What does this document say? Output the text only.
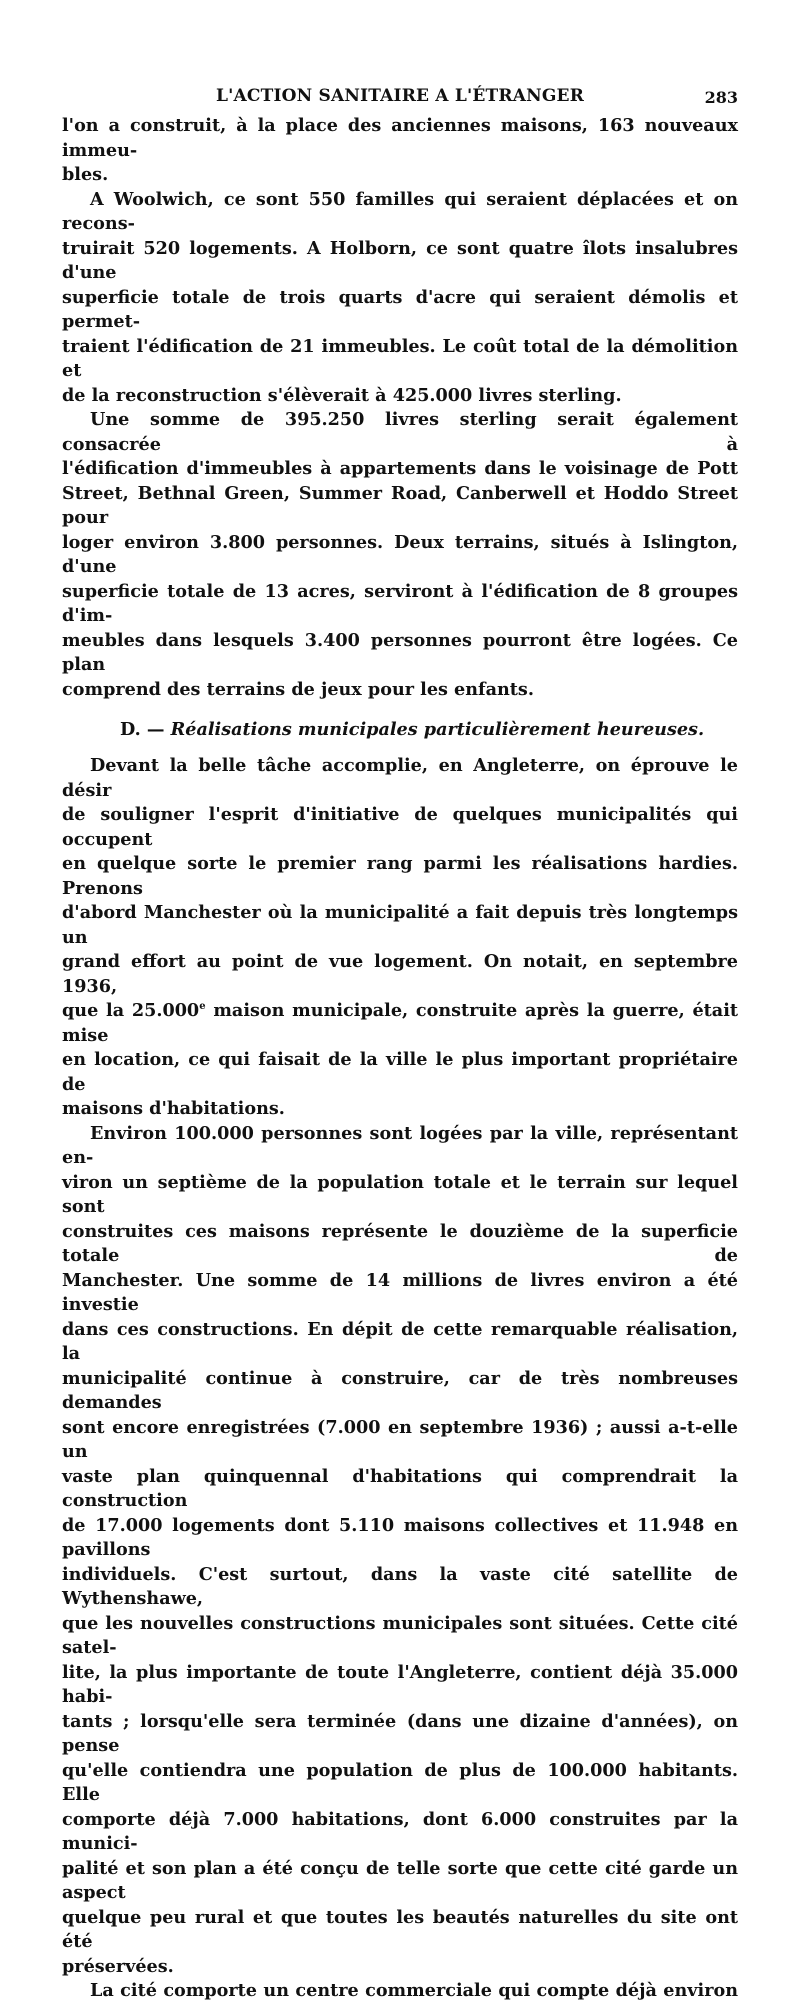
L'ACTION SANITAIRE A L'ÉTRANGER	283

l'on a construit, à la place des anciennes maisons, 163 nouveaux immeu-
bles.

A Woolwich, ce sont 550 familles qui seraient déplacées et on recons-
truirait 520 logements. A Holborn, ce sont quatre îlots insalubres d'une
superficie totale de trois quarts d'acre qui seraient démolis et permet-
traient l'édification de 21 immeubles. Le coût total de la démolition et
de la reconstruction s'élèverait à 425.000 livres sterling.

Une somme de 395.250 livres sterling serait également consacrée à
l'édification d'immeubles à appartements dans le voisinage de Pott
Street, Bethnal Green, Summer Road, Canberwell et Hoddo Street pour
loger environ 3.800 personnes. Deux terrains, situés à Islington, d'une
superficie totale de 13 acres, serviront à l'édification de 8 groupes d'im-
meubles dans lesquels 3.400 personnes pourront être logées. Ce plan
comprend des terrains de jeux pour les enfants.

D. — Réalisations municipales particulièrement heureuses.

Devant la belle tâche accomplie, en Angleterre, on éprouve le désir
de souligner l'esprit d'initiative de quelques municipalités qui occupent
en quelque sorte le premier rang parmi les réalisations hardies. Prenons
d'abord Manchester où la municipalité a fait depuis très longtemps un
grand effort au point de vue logement. On notait, en septembre 1936,
que la 25.000e maison municipale, construite après la guerre, était mise
en location, ce qui faisait de la ville le plus important propriétaire de
maisons d'habitations.

Environ 100.000 personnes sont logées par la ville, représentant en-
viron un septième de la population totale et le terrain sur lequel sont
construites ces maisons représente le douzième de la superficie totale de
Manchester. Une somme de 14 millions de livres environ a été investie
dans ces constructions. En dépit de cette remarquable réalisation, la
municipalité continue à construire, car de très nombreuses demandes
sont encore enregistrées (7.000 en septembre 1936) ; aussi a-t-elle un
vaste plan quinquennal d'habitations qui comprendrait la construction
de 17.000 logements dont 5.110 maisons collectives et 11.948 en pavillons
individuels. C'est surtout, dans la vaste cité satellite de Wythenshawe,
que les nouvelles constructions municipales sont situées. Cette cité satel-
lite, la plus importante de toute l'Angleterre, contient déjà 35.000 habi-
tants ; lorsqu'elle sera terminée (dans une dizaine d'années), on pense
qu'elle contiendra une population de plus de 100.000 habitants. Elle
comporte déjà 7.000 habitations, dont 6.000 construites par la munici-
palité et son plan a été conçu de telle sorte que cette cité garde un aspect
quelque peu rural et que toutes les beautés naturelles du site ont été
préservées.

La cité comporte un centre commerciale qui compte déjà environ
